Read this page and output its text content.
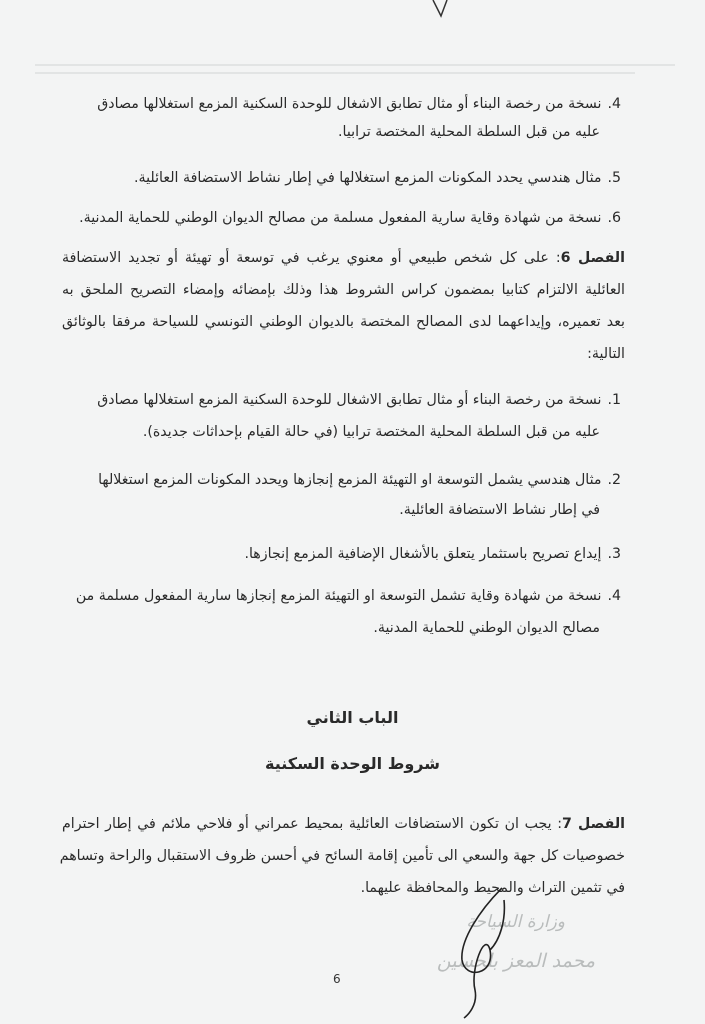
4.نسخة من رخصة البناء أو مثال تطابق الاشغال للوحدة السكنية المزمع استغلالها مصادق
عليه من قبل السلطة المحلية المختصة ترابيا.
5.مثال هندسي يحدد المكونات المزمع استغلالها في إطار نشاط الاستضافة العائلية.
6.نسخة من شهادة وقاية سارية المفعول مسلمة من مصالح الديوان الوطني للحماية المدنية.
الفصل 6: على كل شخص طبيعي أو معنوي يرغب في توسعة أو تهيئة أو تجديد الاستضافة
العائلية الالتزام كتابيا بمضمون كراس الشروط هذا وذلك بإمضائه وإمضاء التصريح الملحق به
بعد تعميره، وإيداعهما لدى المصالح المختصة بالديوان الوطني التونسي للسياحة مرفقا بالوثائق
التالية:
1.نسخة من رخصة البناء أو مثال تطابق الاشغال للوحدة السكنية المزمع استغلالها مصادق
عليه من قبل السلطة المحلية المختصة ترابيا (في حالة القيام بإحداثات جديدة).
2.مثال هندسي يشمل التوسعة او التهيئة المزمع إنجازها ويحدد المكونات المزمع استغلالها
في إطار نشاط الاستضافة العائلية.
3.إيداع تصريح باستثمار يتعلق بالأشغال الإضافية المزمع إنجازها.
4.نسخة من شهادة وقاية تشمل التوسعة او التهيئة المزمع إنجازها سارية المفعول مسلمة من
مصالح الديوان الوطني للحماية المدنية.
الباب الثاني
شروط الوحدة السكنية
الفصل 7: يجب ان تكون الاستضافات العائلية بمحيط عمراني أو فلاحي ملائم في إطار احترام
خصوصيات كل جهة والسعي الى تأمين إقامة السائح في أحسن ظروف الاستقبال والراحة وتساهم
في تثمين التراث والمحيط والمحافظة عليهما.
وزارة السياحة
محمد المعز بلحسين
6
